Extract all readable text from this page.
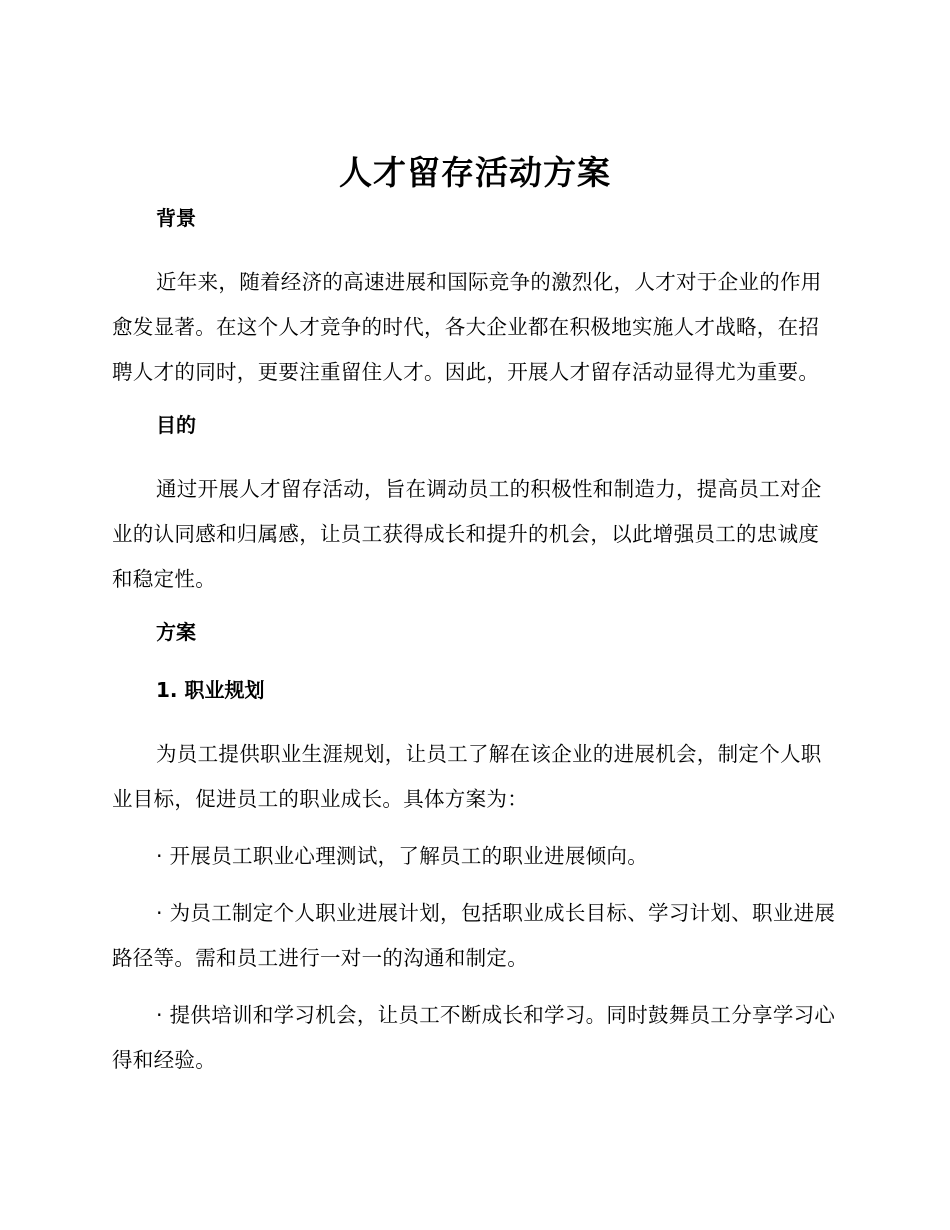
人才留存活动方案
背景

近年来，随着经济的高速进展和国际竞争的激烈化，人才对于企业的作用愈发显著。在这个人才竞争的时代，各大企业都在积极地实施人才战略，在招聘人才的同时，更要注重留住人才。因此，开展人才留存活动显得尤为重要。

目的

通过开展人才留存活动，旨在调动员工的积极性和制造力，提高员工对企业的认同感和归属感，让员工获得成长和提升的机会，以此增强员工的忠诚度和稳定性。

方案
1. 职业规划

为员工提供职业生涯规划，让员工了解在该企业的进展机会，制定个人职业目标，促进员工的职业成长。具体方案为：

· 开展员工职业心理测试，了解员工的职业进展倾向。

· 为员工制定个人职业进展计划，包括职业成长目标、学习计划、职业进展路径等。需和员工进行一对一的沟通和制定。

· 提供培训和学习机会，让员工不断成长和学习。同时鼓舞员工分享学习心得和经验。
